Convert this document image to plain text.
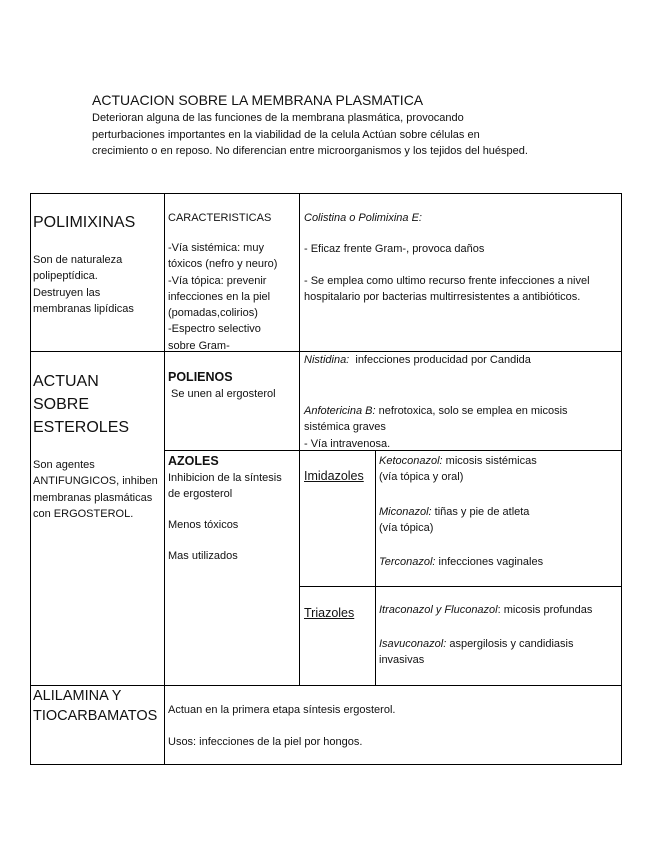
ACTUACION SOBRE LA MEMBRANA PLASMATICA
Deterioran alguna de las funciones de la membrana plasmática, provocando
perturbaciones importantes en la viabilidad de la celula Actúan sobre células en
crecimiento o en reposo. No diferencian entre microorganismos y los tejidos del huésped.
POLIMIXINAS
Son de naturaleza
polipeptídica.
Destruyen las
membranas lipídicas
CARACTERISTICAS
-Vía sistémica: muy
tóxicos (nefro y neuro)
-Vía tópica: prevenir
infecciones en la piel
(pomadas,colirios)
-Espectro selectivo
sobre Gram-
Colistina o Polimixina E:
- Eficaz frente Gram-, provoca daños
- Se emplea como ultimo recurso frente infecciones a nivel
hospitalario por bacterias multirresistentes a antibióticos.
ACTUAN
SOBRE
ESTEROLES
Son agentes
ANTIFUNGICOS, inhiben
membranas plasmáticas
con ERGOSTEROL.
POLIENOS
Se unen al ergosterol
Nistidina: infecciones producidad por Candida
Anfotericina B: nefrotoxica, solo se emplea en micosis
sistémica graves
- Vía intravenosa.
AZOLES
Inhibicion de la síntesis
de ergosterol
Menos tóxicos
Mas utilizados
Imidazoles
Ketoconazol: micosis sistémicas
(vía tópica y oral)
Miconazol: tiñas y pie de atleta
(vía tópica)
Terconazol: infecciones vaginales
Triazoles Itraconazol y Fluconazol: micosis profundas
Isavuconazol: aspergilosis y candidiasis
invasivas
ALILAMINA Y
TIOCARBAMATOS Actuan en la primera etapa síntesis ergosterol.
Usos: infecciones de la piel por hongos.
